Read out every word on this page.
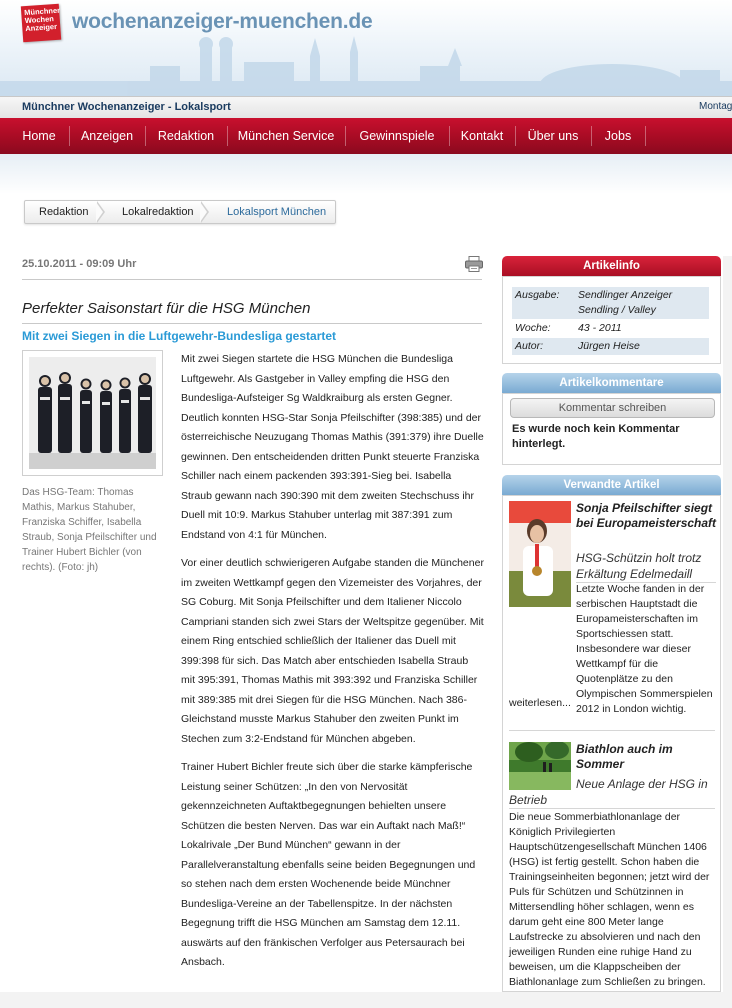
Münchner
Wochen
Anzeiger wochenanzeiger-muenchen.de
Münchner Wochenanzeiger - Lokalsport	Montag
Home	Anzeigen	Redaktion	München Service	Gewinnspiele	Kontakt	Über uns	Jobs
Redaktion	Lokalredaktion	Lokalsport München
25.10.2011 - 09:09 Uhr
Perfekter Saisonstart für die HSG München
Mit zwei Siegen in die Luftgewehr-Bundesliga gestartet
Das HSG-Team: Thomas Mathis, Markus Stahuber, Franziska Schiffer, Isabella Straub, Sonja Pfeilschifter und Trainer Hubert Bichler (von rechts). (Foto: jh)

Mit zwei Siegen startete die HSG München die Bundesliga Luftgewehr. Als Gastgeber in Valley empfing die HSG den Bundesliga-Aufsteiger Sg Waldkraiburg als ersten Gegner. Deutlich konnten HSG-Star Sonja Pfeilschifter (398:385) und der österreichische Neuzugang Thomas Mathis (391:379) ihre Duelle gewinnen. Den entscheidenden dritten Punkt steuerte Franziska Schiller nach einem packenden 393:391-Sieg bei. Isabella Straub gewann nach 390:390 mit dem zweiten Stechschuss ihr Duell mit 10:9. Markus Stahuber unterlag mit 387:391 zum Endstand von 4:1 für München.

Vor einer deutlich schwierigeren Aufgabe standen die Münchener im zweiten Wettkampf gegen den Vizemeister des Vorjahres, der SG Coburg. Mit Sonja Pfeilschifter und dem Italiener Niccolo Campriani standen sich zwei Stars der Weltspitze gegenüber. Mit einem Ring entschied schließlich der Italiener das Duell mit 399:398 für sich. Das Match aber entschieden Isabella Straub mit 395:391, Thomas Mathis mit 393:392 und Franziska Schiller mit 389:385 mit drei Siegen für die HSG München. Nach 386-Gleichstand musste Markus Stahuber den zweiten Punkt im Stechen zum 3:2-Endstand für München abgeben.

Trainer Hubert Bichler freute sich über die starke kämpferische Leistung seiner Schützen: „In den von Nervosität gekennzeichneten Auftaktbegegnungen behielten unsere Schützen die besten Nerven. Das war ein Auftakt nach Maß!“ Lokalrivale „Der Bund München“ gewann in der Parallelveranstaltung ebenfalls seine beiden Begegnungen und so stehen nach dem ersten Wochenende beide Münchner Bundesliga-Vereine an der Tabellenspitze. In der nächsten Begegnung trifft die HSG München am Samstag dem 12.11. auswärts auf den fränkischen Verfolger aus Petersaurach bei Ansbach.

Artikelinfo
Ausgabe:	Sendlinger Anzeiger Sendling / Valley
Woche:	43 - 2011
Autor:	Jürgen Heise
Artikelkommentare
Kommentar schreiben
Es wurde noch kein Kommentar hinterlegt.
Verwandte Artikel
Sonja Pfeilschifter siegt bei Europameisterschaft
HSG-Schützin holt trotz Erkältung Edelmedaill
Letzte Woche fanden in der serbischen Hauptstadt die Europameisterschaften im Sportschiessen statt. Insbesondere war dieser Wettkampf für die Quotenplätze zu den Olympischen Sommerspielen 2012 in London wichtig.
weiterlesen...
Biathlon auch im Sommer
Neue Anlage der HSG in Betrieb
Die neue Sommerbiathlonanlage der Königlich Privilegierten Hauptschützengesellschaft München 1406 (HSG) ist fertig gestellt. Schon haben die Trainingseinheiten begonnen; jetzt wird der Puls für Schützen und Schützinnen in Mittersendling höher schlagen, wenn es darum geht eine 800 Meter lange Laufstrecke zu absolvieren und nach den jeweiligen Runden eine ruhige Hand zu beweisen, um die Klappscheiben der Biathlonanlage zum Schließen zu bringen.
